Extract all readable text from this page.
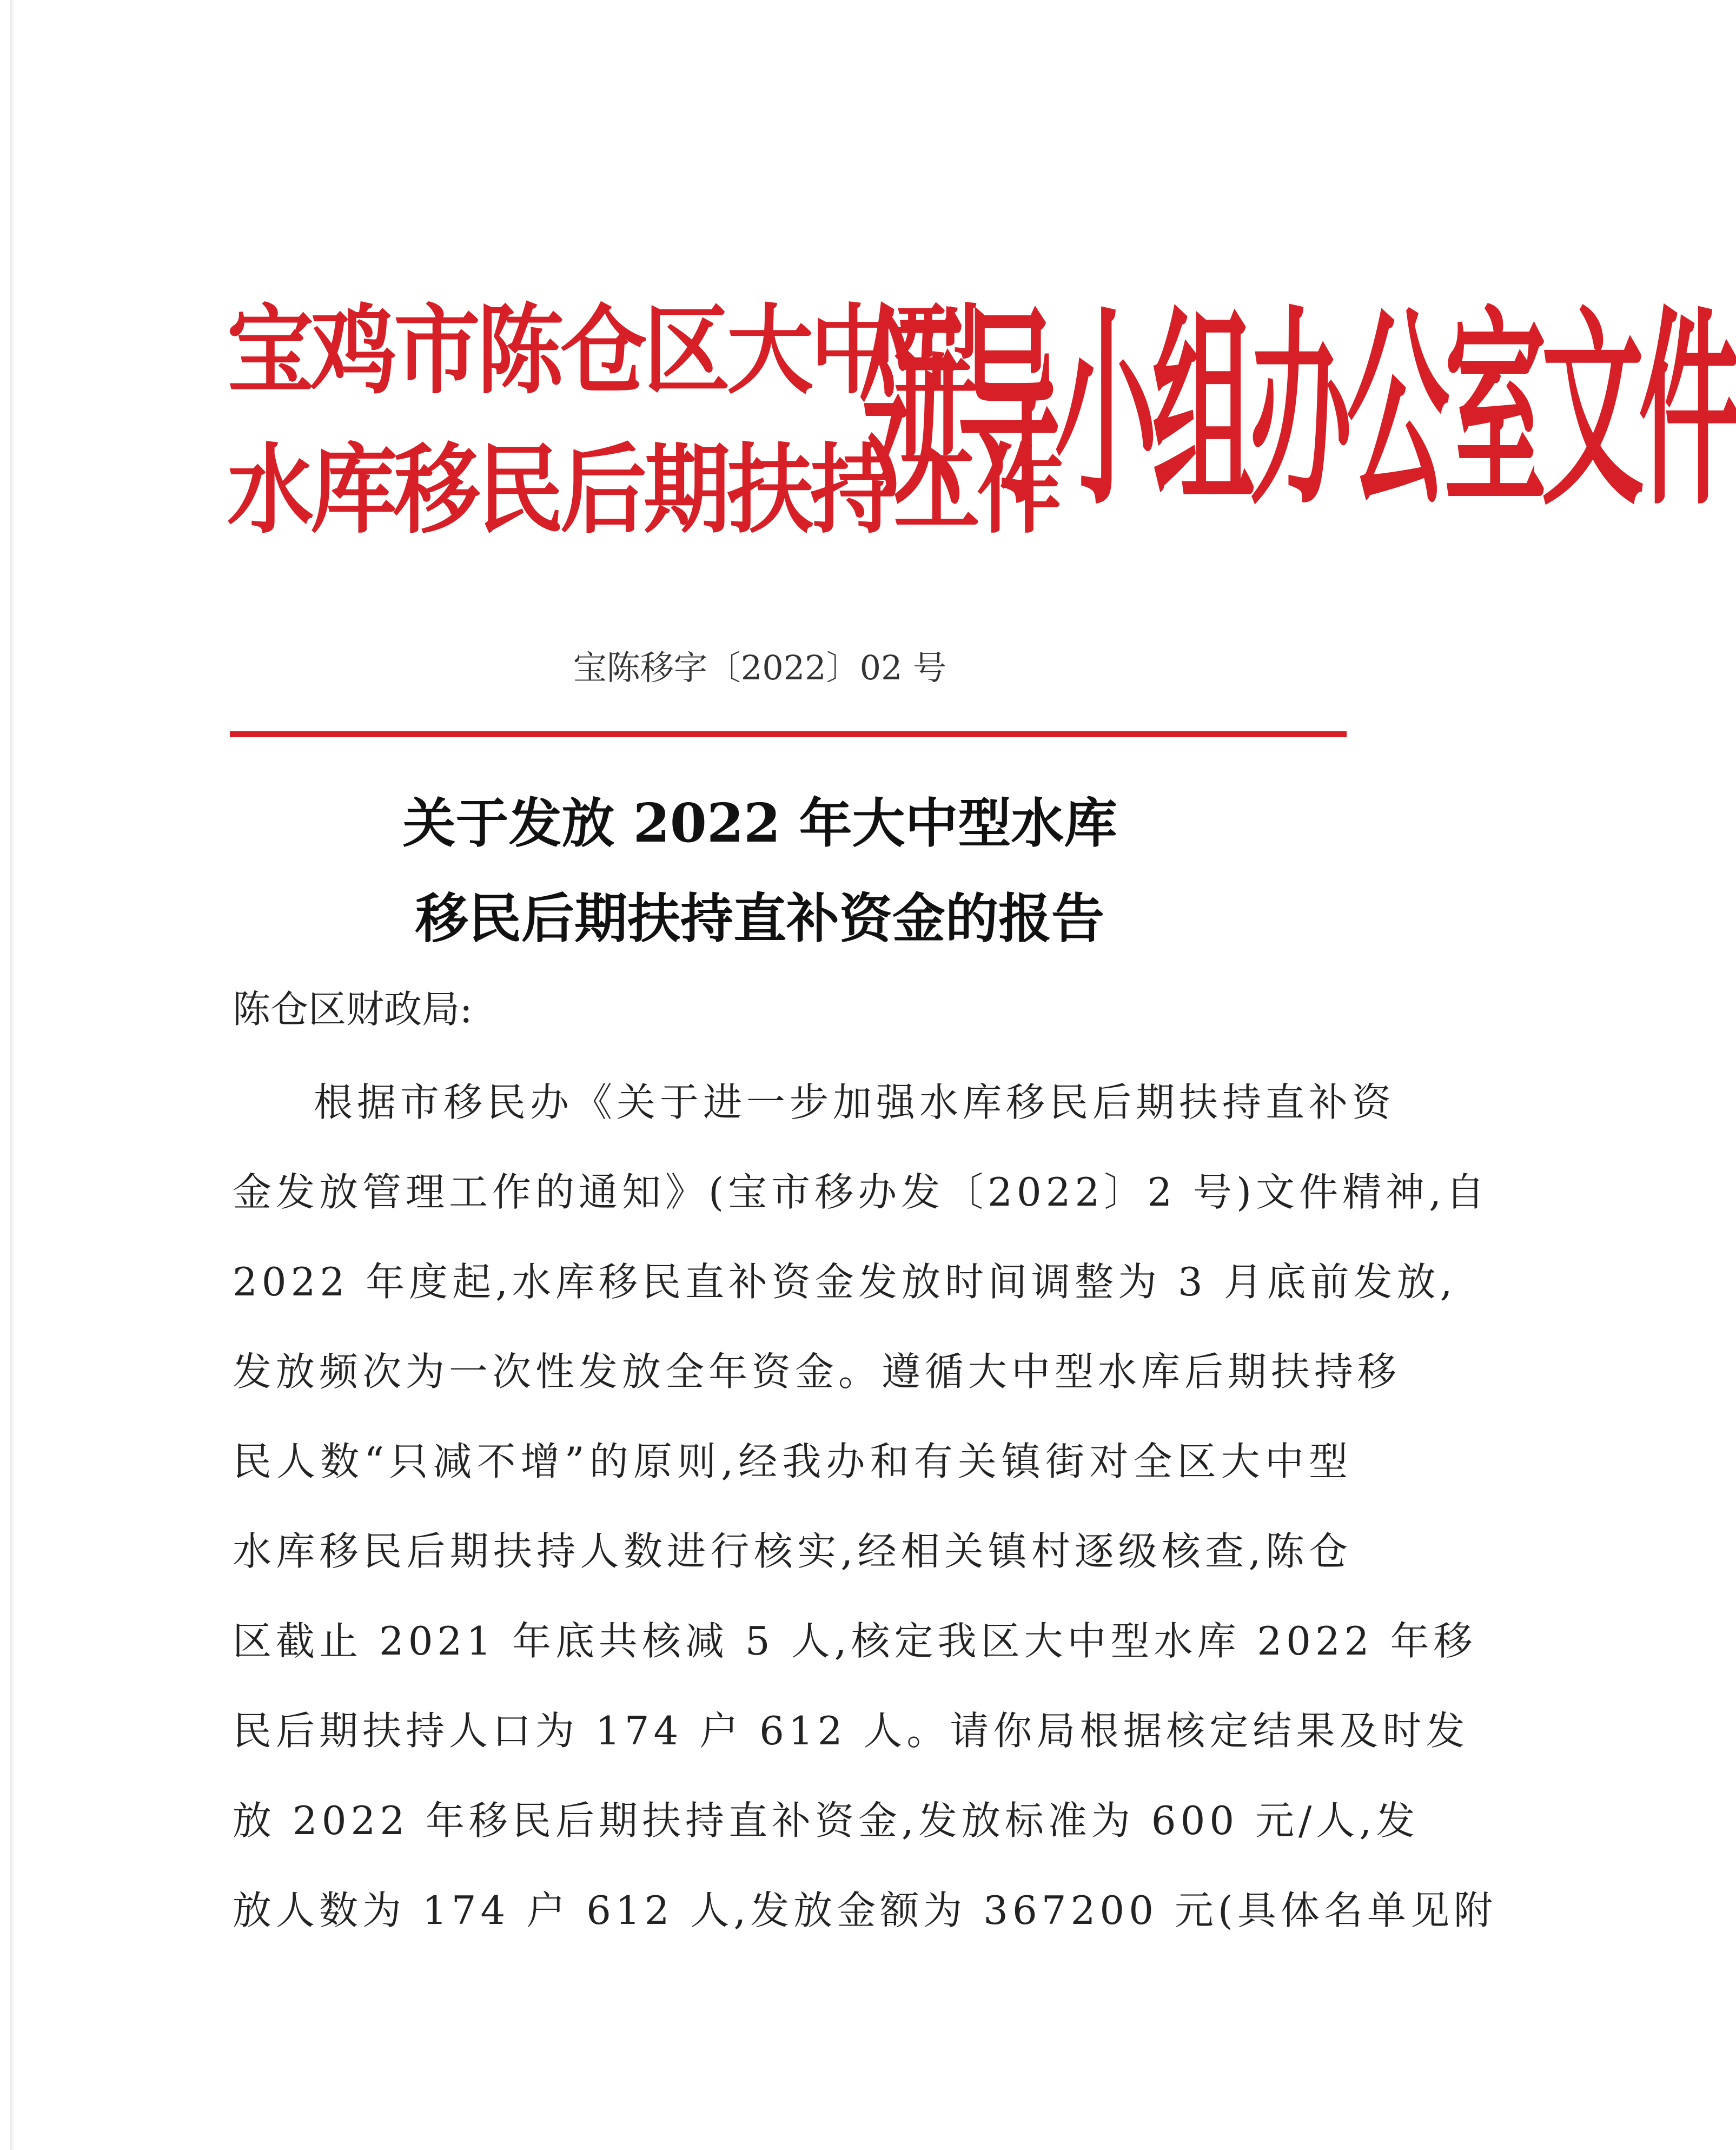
宝鸡市陈仓区大中型
水库移民后期扶持工作
领导小组办公室文件
宝陈移字〔2022〕02 号
关于发放 2022 年大中型水库
移民后期扶持直补资金的报告
陈仓区财政局:
根据市移民办《关于进一步加强水库移民后期扶持直补资
金发放管理工作的通知》(宝市移办发〔2022〕2 号)文件精神,自
2022 年度起,水库移民直补资金发放时间调整为 3 月底前发放,
发放频次为一次性发放全年资金。遵循大中型水库后期扶持移
民人数“只减不增”的原则,经我办和有关镇街对全区大中型
水库移民后期扶持人数进行核实,经相关镇村逐级核查,陈仓
区截止 2021 年底共核减 5 人,核定我区大中型水库 2022 年移
民后期扶持人口为 174 户 612 人。请你局根据核定结果及时发
放 2022 年移民后期扶持直补资金,发放标准为 600 元/人,发
放人数为 174 户 612 人,发放金额为 367200 元(具体名单见附
